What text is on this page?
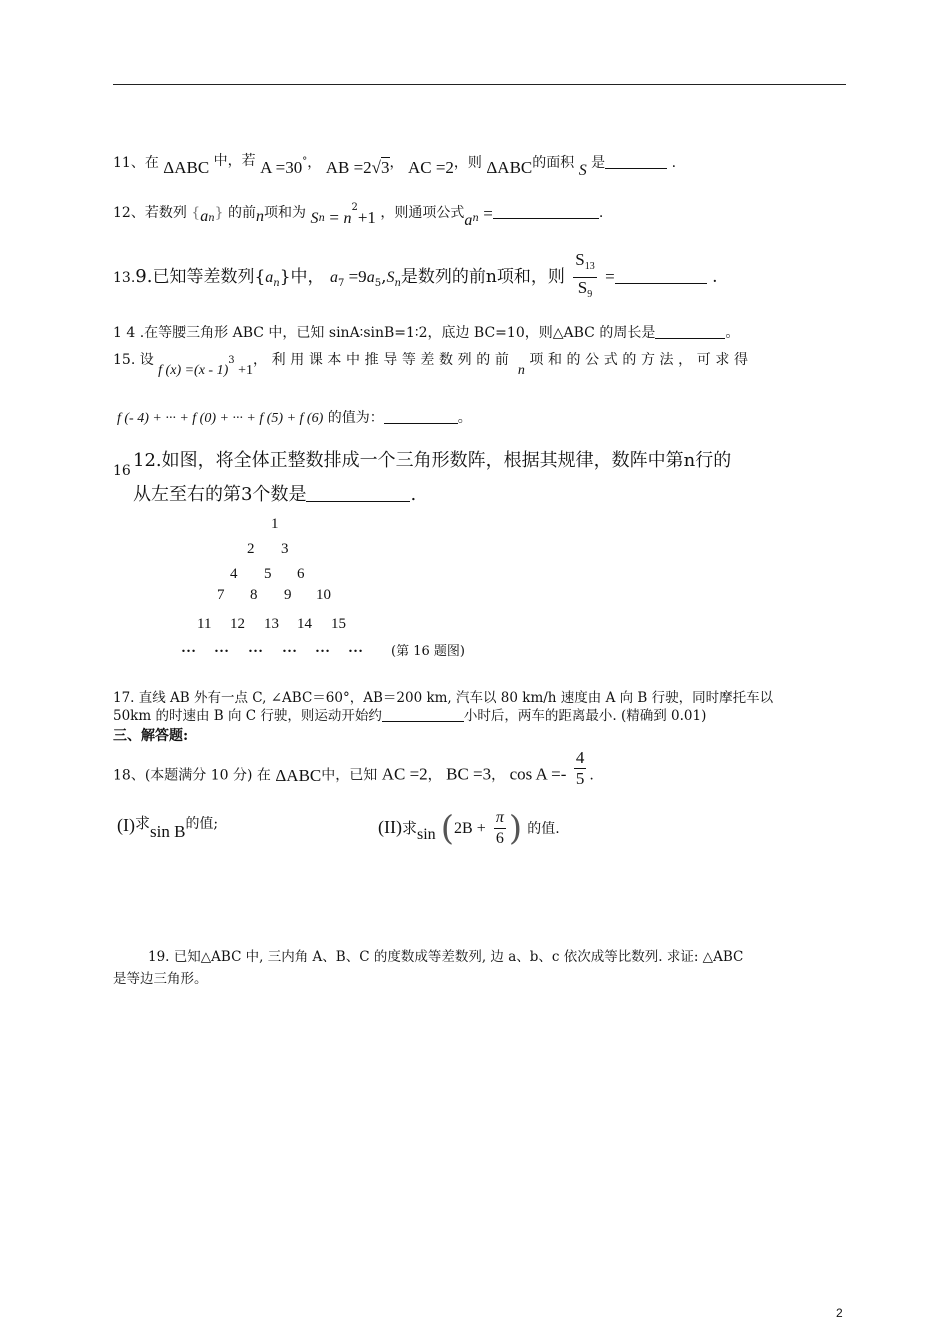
11、在 ΔABC 中，若 A =30°， AB =2√3， AC =2，则 ΔABC的面积 S 是	.
12、若数列 $\{a_n\}$ 的前n项和为 $S_n = n^2+1$ ，则通项公式$a_n$ =	.
13.9.已知等差数列$\{a_n\}$中， $a_7 =9a_5,S_n$是数列的前n项和，则 $\frac{S_{13}}{S_9}$ =	.
1 4 .在等腰三角形 ABC 中，已知 sinA∶sinB=1∶2，底边 BC=10，则△ABC 的周长是	。
15. 设 f (x) =(x - 1)$^3$ +1，利用课本中推导等差数列的前 n 项和的公式的方法，可求得
f (- 4) + ··· + f (0) + ··· + f (5) + f (6) 的值为：	。
16 12.如图，将全体正整数排成一个三角形数阵，根据其规律，数阵中第n行的
从左至右的第3个数是	.
1
2 3
4 5 6
7 8 9 10
11 12 13 14 15
… … … … … … (第 16 题图)
17. 直线 AB 外有一点 C, ∠ABC＝60°，AB＝200 km, 汽车以 80 km/h 速度由 A 向 B 行驶，同时摩托车以
50km 的时速由 B 向 C 行驶，则运动开始约	小时后，两车的距离最小. (精确到 0.01)
三、解答题:
18、(本题满分 10 分) 在 ΔABC中，已知 AC =2， BC =3， $\cos A =- \frac{4}{5}$ .
(I)求sin B的值;	(II)求$\sin (2B + \frac{\pi}{6}$ ) 的值.
19. 已知△ABC 中, 三内角 A、B、C 的度数成等差数列, 边 a、b、c 依次成等比数列. 求证: △ABC
是等边三角形。
2
